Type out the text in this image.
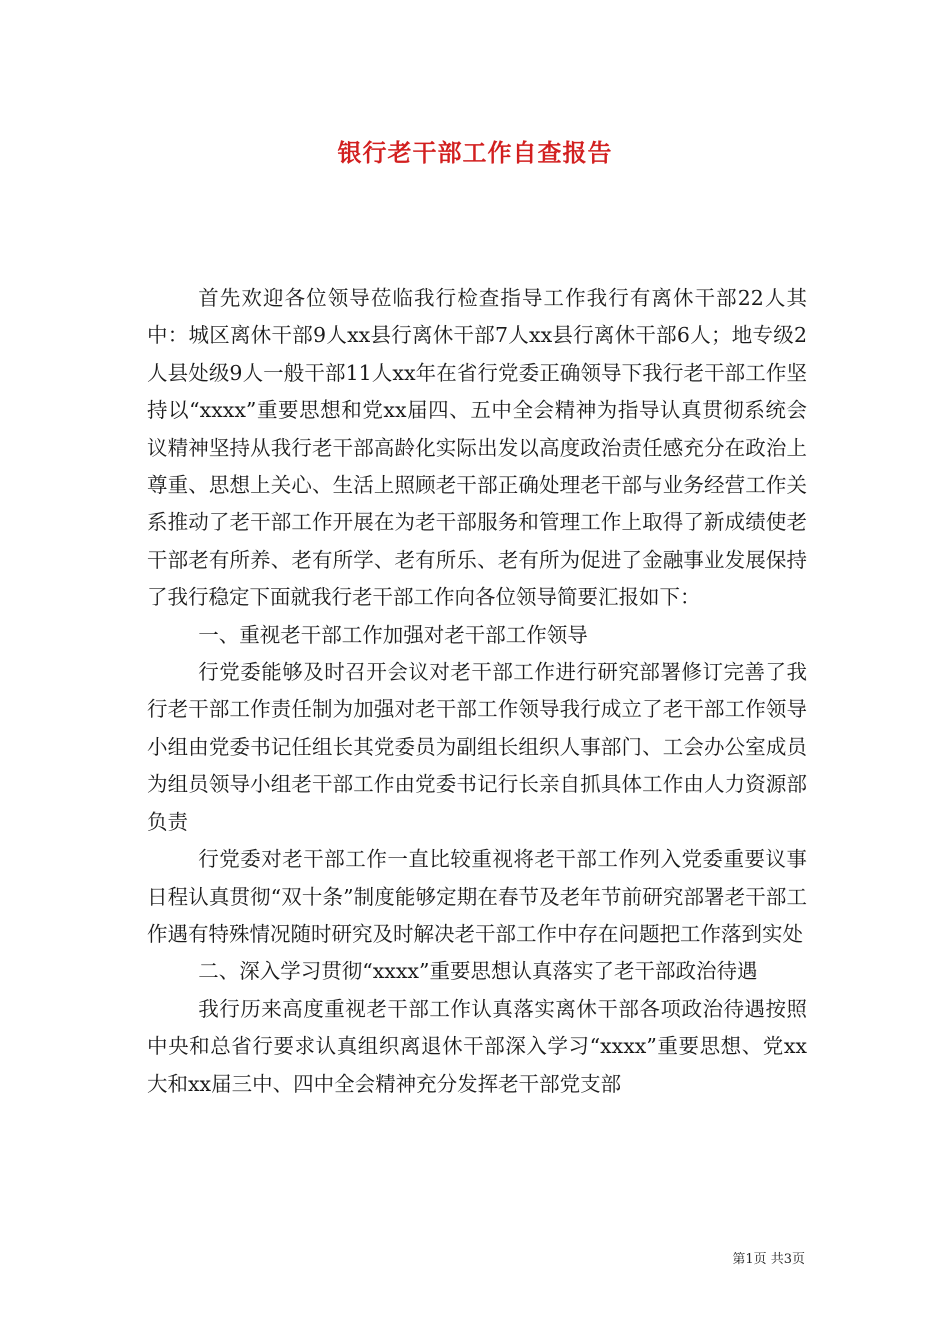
银行老干部工作自查报告

首先欢迎各位领导莅临我行检查指导工作我行有离休干部22人其中：城区离休干部9人xx县行离休干部7人xx县行离休干部6人；地专级2人县处级9人一般干部11人xx年在省行党委正确领导下我行老干部工作坚持以“xxxx”重要思想和党xx届四、五中全会精神为指导认真贯彻系统会议精神坚持从我行老干部高龄化实际出发以高度政治责任感充分在政治上尊重、思想上关心、生活上照顾老干部正确处理老干部与业务经营工作关系推动了老干部工作开展在为老干部服务和管理工作上取得了新成绩使老干部老有所养、老有所学、老有所乐、老有所为促进了金融事业发展保持了我行稳定下面就我行老干部工作向各位领导简要汇报如下：

一、重视老干部工作加强对老干部工作领导

行党委能够及时召开会议对老干部工作进行研究部署修订完善了我行老干部工作责任制为加强对老干部工作领导我行成立了老干部工作领导小组由党委书记任组长其党委员为副组长组织人事部门、工会办公室成员为组员领导小组老干部工作由党委书记行长亲自抓具体工作由人力资源部负责

行党委对老干部工作一直比较重视将老干部工作列入党委重要议事日程认真贯彻“双十条”制度能够定期在春节及老年节前研究部署老干部工作遇有特殊情况随时研究及时解决老干部工作中存在问题把工作落到实处

二、深入学习贯彻“xxxx”重要思想认真落实了老干部政治待遇

我行历来高度重视老干部工作认真落实离休干部各项政治待遇按照中央和总省行要求认真组织离退休干部深入学习“xxxx”重要思想、党xx大和xx届三中、四中全会精神充分发挥老干部党支部

第1页 共3页
